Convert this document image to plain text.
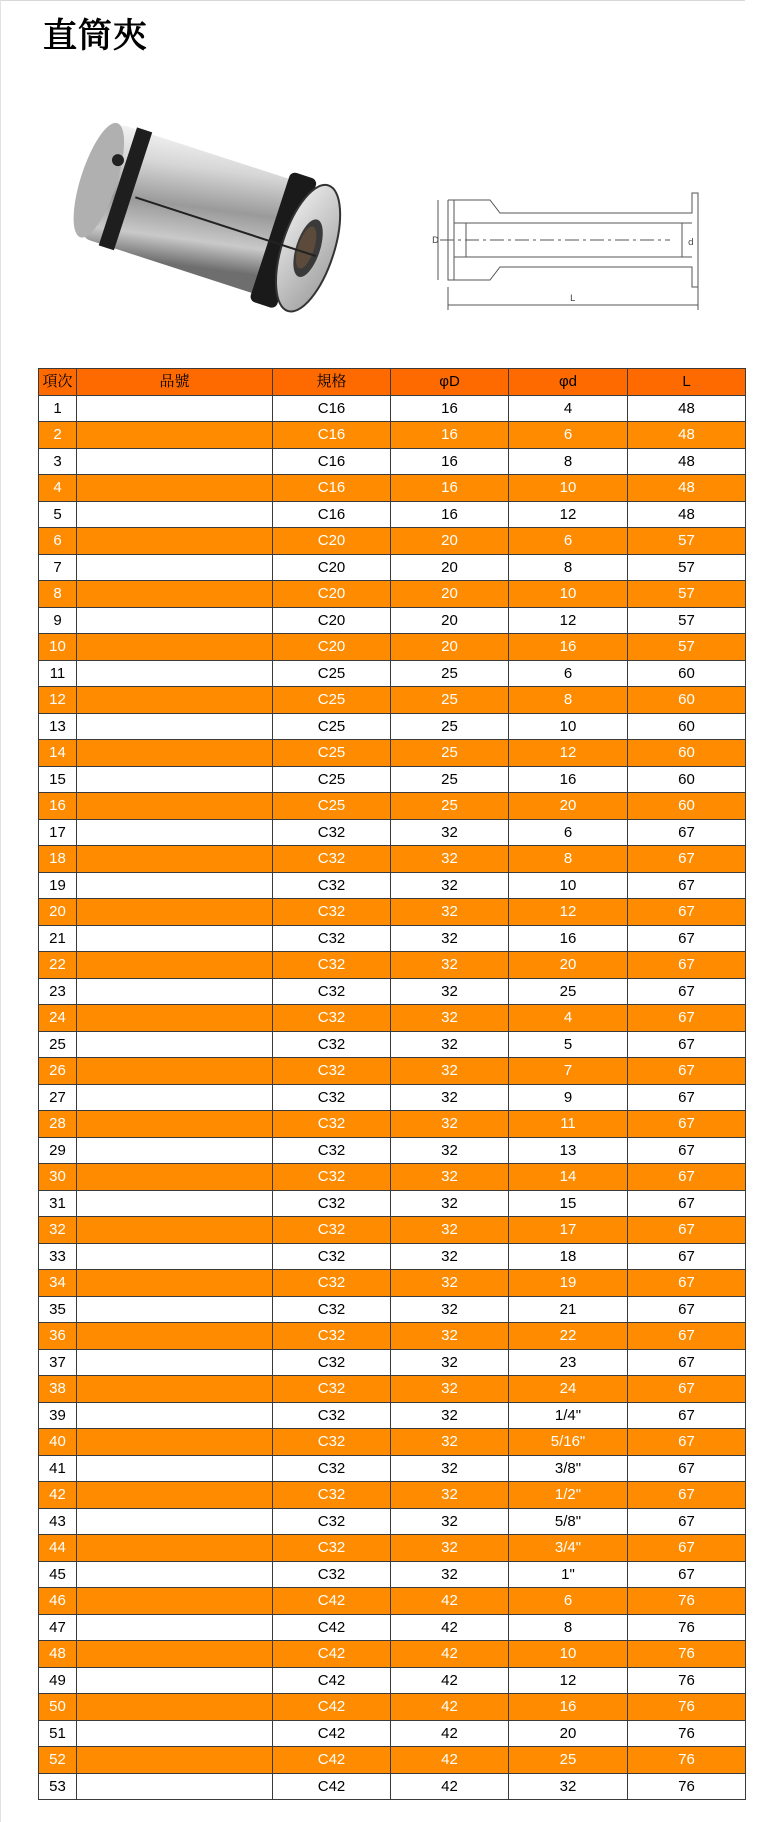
直筒夾
D	d
L
項次	品號	規格	φD	φd	L
1		C16	16	4	48
2		C16	16	6	48
3		C16	16	8	48
4		C16	16	10	48
5		C16	16	12	48
6		C20	20	6	57
7		C20	20	8	57
8		C20	20	10	57
9		C20	20	12	57
10		C20	20	16	57
11		C25	25	6	60
12		C25	25	8	60
13		C25	25	10	60
14		C25	25	12	60
15		C25	25	16	60
16		C25	25	20	60
17		C32	32	6	67
18		C32	32	8	67
19		C32	32	10	67
20		C32	32	12	67
21		C32	32	16	67
22		C32	32	20	67
23		C32	32	25	67
24		C32	32	4	67
25		C32	32	5	67
26		C32	32	7	67
27		C32	32	9	67
28		C32	32	11	67
29		C32	32	13	67
30		C32	32	14	67
31		C32	32	15	67
32		C32	32	17	67
33		C32	32	18	67
34		C32	32	19	67
35		C32	32	21	67
36		C32	32	22	67
37		C32	32	23	67
38		C32	32	24	67
39		C32	32	1/4"	67
40		C32	32	5/16"	67
41		C32	32	3/8"	67
42		C32	32	1/2"	67
43		C32	32	5/8"	67
44		C32	32	3/4"	67
45		C32	32	1"	67
46		C42	42	6	76
47		C42	42	8	76
48		C42	42	10	76
49		C42	42	12	76
50		C42	42	16	76
51		C42	42	20	76
52		C42	42	25	76
53		C42	42	32	76
